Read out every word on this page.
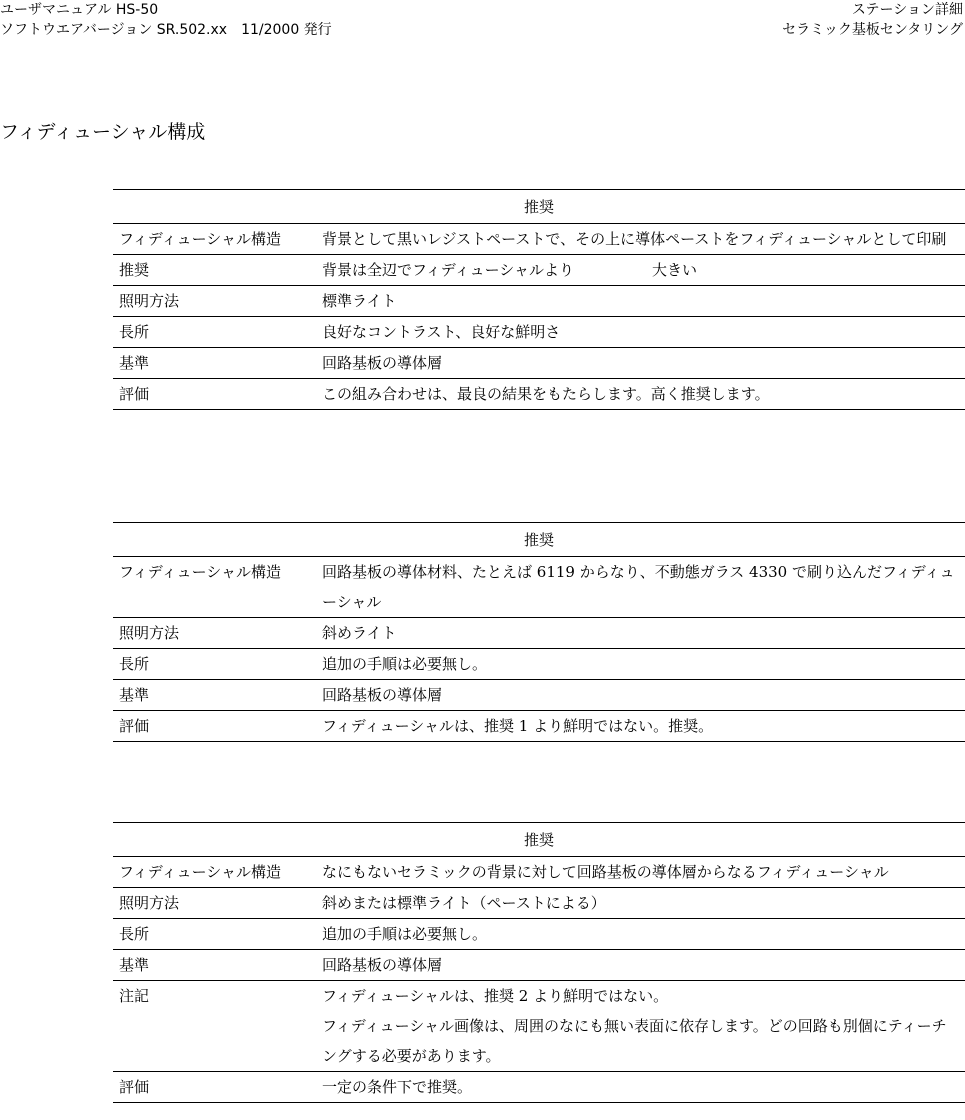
ユーザマニュアル HS-50
ソフトウエアバージョン SR.502.xx　11/2000 発行
ステーション詳細
セラミック基板センタリング
フィディューシャル構成
推奨	
フィディューシャル構造	背景として黒いレジストペーストで、その上に導体ペーストをフィディューシャルとして印刷
推奨	背景は全辺でフィディューシャルより 大きい
照明方法	標準ライト
長所	良好なコントラスト、良好な鮮明さ
基準	回路基板の導体層
評価	この組み合わせは、最良の結果をもたらします。高く推奨します。
推奨	
フィディューシャル構造	回路基板の導体材料、たとえば 6119 からなり、不動態ガラス 4330 で刷り込んだフィディューシャル
照明方法	斜めライト
長所	追加の手順は必要無し。
基準	回路基板の導体層
評価	フィディューシャルは、推奨 1 より鮮明ではない。推奨。
推奨	
フィディューシャル構造	なにもないセラミックの背景に対して回路基板の導体層からなるフィディューシャル
照明方法	斜めまたは標準ライト（ペーストによる）
長所	追加の手順は必要無し。
基準	回路基板の導体層
注記	フィディューシャルは、推奨 2 より鮮明ではない。
フィディューシャル画像は、周囲のなにも無い表面に依存します。どの回路も別個にティーチングする必要があります。

評価	一定の条件下で推奨。
